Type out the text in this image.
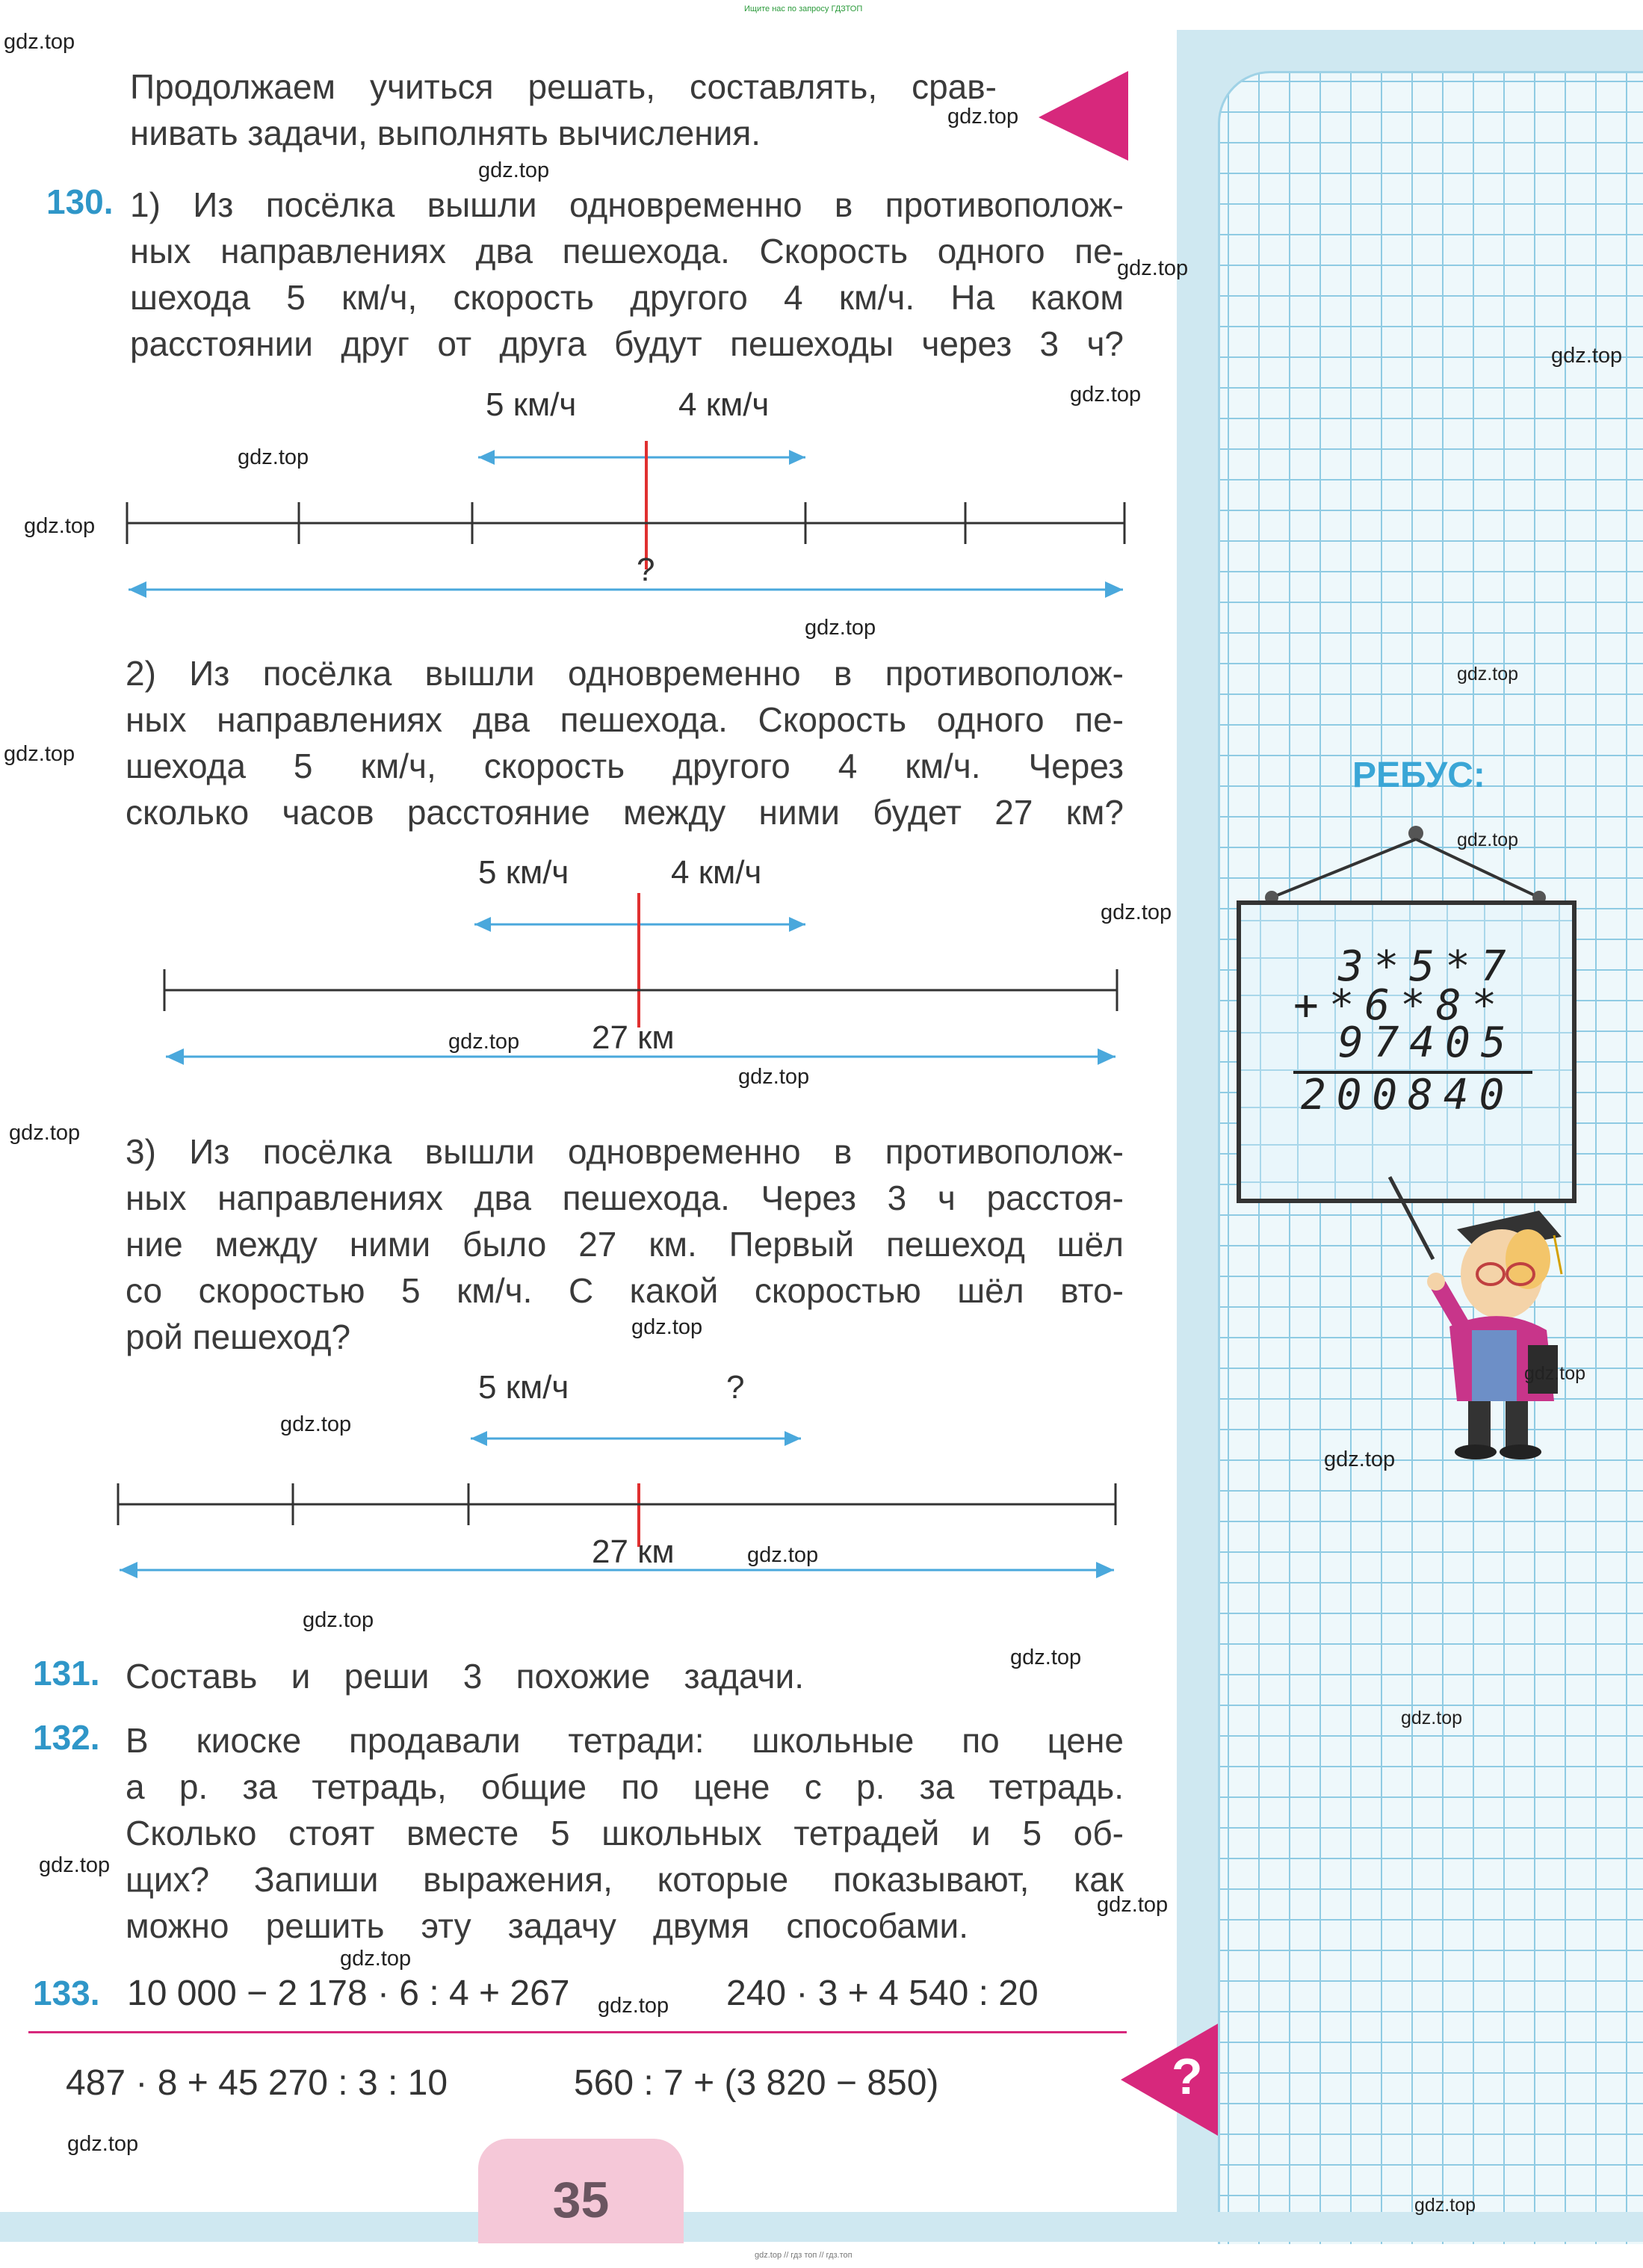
Ищите нас по запросу ГДЗТОП
gdz.top // гдз топ // гдз.топ
Продолжаем учиться решать, составлять, срав-
нивать задачи, выполнять вычисления.
130. 1) Из посёлка вышли одновременно в противополож-
ных направлениях два пешехода. Скорость одного пе-
шехода 5 км/ч, скорость другого 4 км/ч. На каком
расстоянии друг от друга будут пешеходы через 3 ч?
5 км/ч	4 км/ч
?
2) Из посёлка вышли одновременно в противополож-
ных направлениях два пешехода. Скорость одного пе-
шехода 5 км/ч, скорость другого 4 км/ч. Через
сколько часов расстояние между ними будет 27 км?
5 км/ч	4 км/ч
27 км
3) Из посёлка вышли одновременно в противополож-
ных направлениях два пешехода. Через 3 ч расстоя-
ние между ними было 27 км. Первый пешеход шёл
со скоростью 5 км/ч. С какой скоростью шёл вто-
рой пешеход?
5 км/ч	?
27 км
131. Составь и реши 3 похожие задачи.
132. В киоске продавали тетради: школьные по цене
а р. за тетрадь, общие по цене с р. за тетрадь.
Сколько стоят вместе 5 школьных тетрадей и 5 об-
щих? Запиши выражения, которые показывают, как
можно решить эту задачу двумя способами.
133. 10 000 − 2 178 · 6 : 4 + 267	240 · 3 + 4 540 : 20
487 · 8 + 45 270 : 3 : 10	560 : 7 + (3 820 − 850)	?
35
РЕБУС:
3*5*7
+*6*8*
97405
200840
gdz.top
gdz.top
gdz.top
gdz.top
gdz.top
gdz.top
gdz.top
gdz.top
gdz.top
gdz.top
gdz.top
gdz.top
gdz.top
gdz.top
gdz.top
gdz.top
gdz.top
gdz.top
gdz.top
gdz.top
gdz.top
gdz.top
gdz.top
gdz.top
gdz.top
gdz.top
gdz.top
gdz.top
gdz.top
gdz.top
